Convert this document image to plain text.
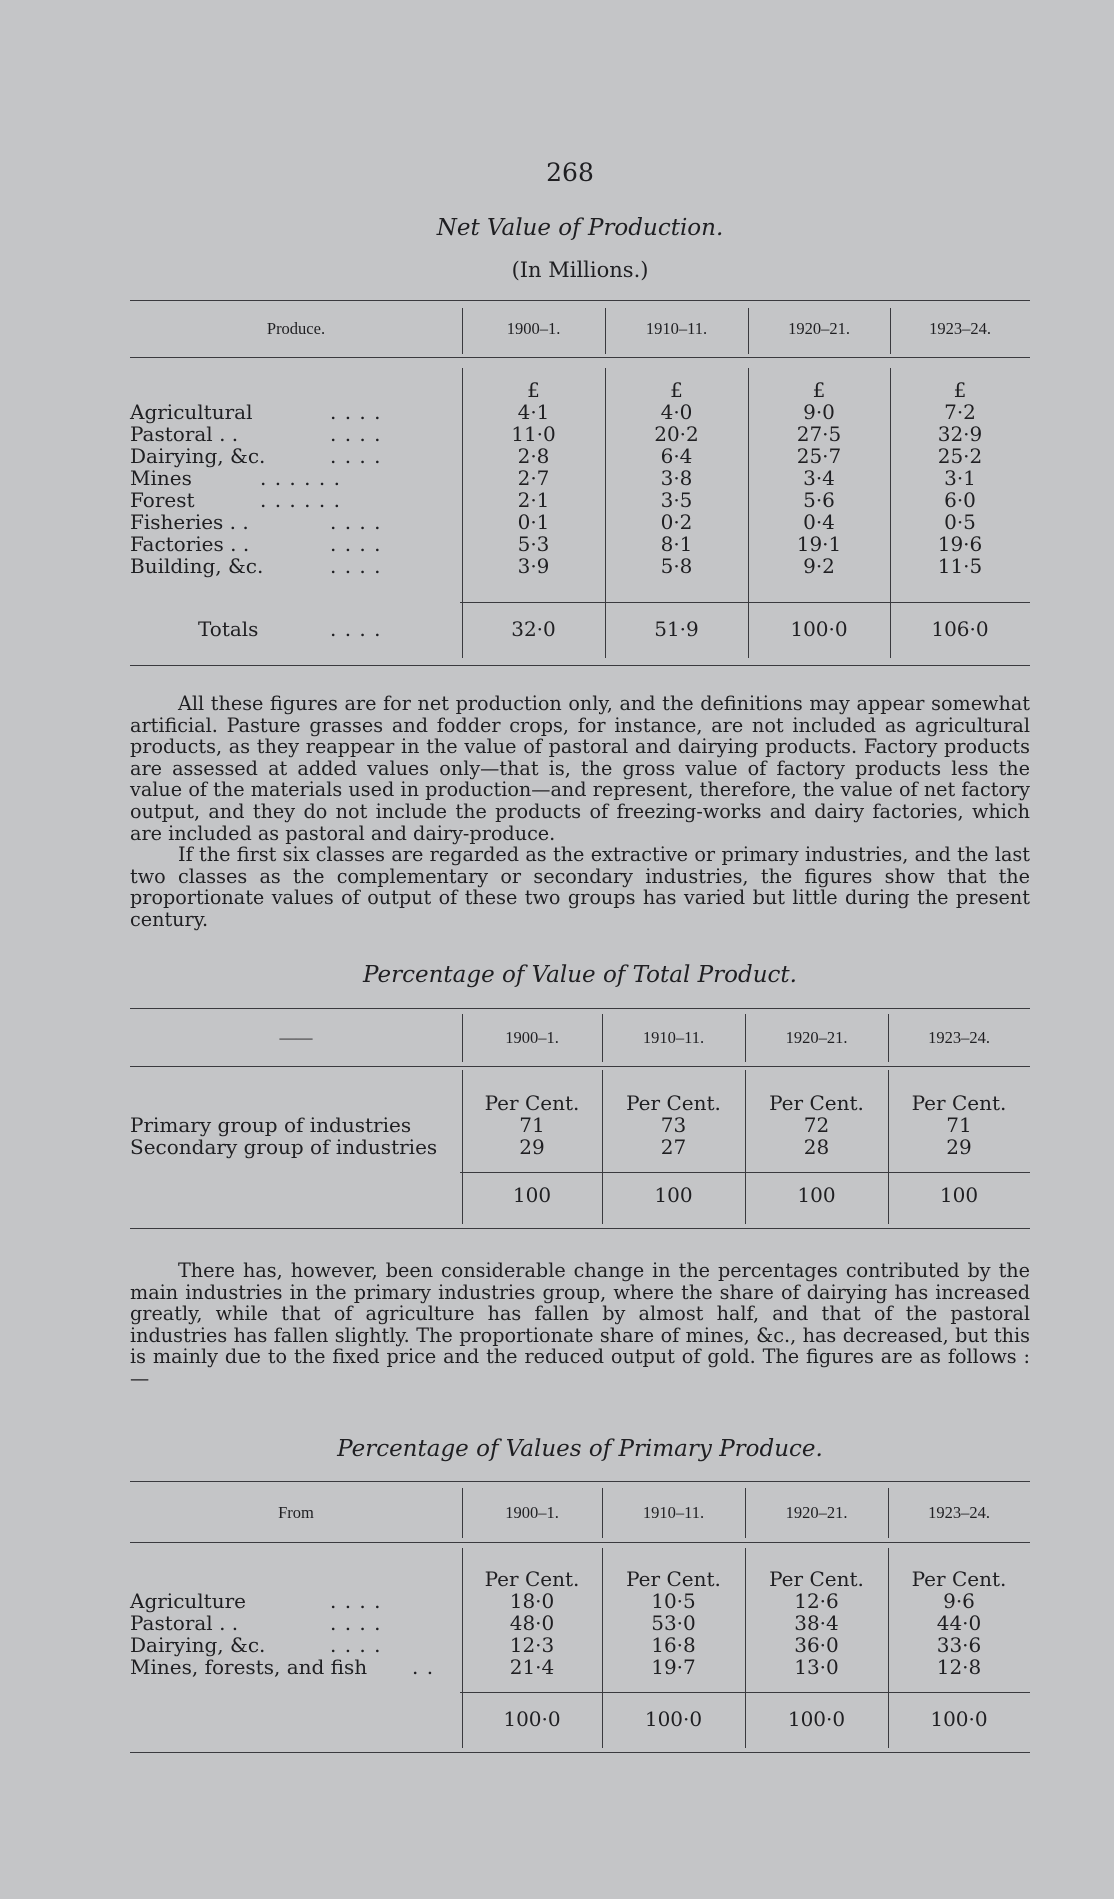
268
Net Value of Production.
(In Millions.)
Produce.	1900–1.	1910–11.	1920–21.	1923–24.
£	£	£	£
Agricultural	. . . .	4·1	4·0	9·0	7·2
Pastoral . .	. . . .	11·0	20·2	27·5	32·9
Dairying, &c.	. . . .	2·8	6·4	25·7	25·2
Mines	. . . . . .	2·7	3·8	3·4	3·1
Forest	. . . . . .	2·1	3·5	5·6	6·0
Fisheries . .	. . . .	0·1	0·2	0·4	0·5
Factories . .	. . . .	5·3	8·1	19·1	19·6
Building, &c.	. . . .	3·9	5·8	9·2	11·5
Totals	. . . .	32·0	51·9	100·0	106·0

All these figures are for net production only, and the definitions may appear somewhat artificial. Pasture grasses and fodder crops, for instance, are not included as agricultural products, as they reappear in the value of pastoral and dairying products. Factory products are assessed at added values only—that is, the gross value of factory products less the value of the materials used in production—and represent, therefore, the value of net factory output, and they do not include the products of freezing-works and dairy factories, which are included as pastoral and dairy-produce.

If the first six classes are regarded as the extractive or primary industries, and the last two classes as the complementary or secondary industries, the figures show that the proportionate values of output of these two groups has varied but little during the present century.

Percentage of Value of Total Product.
——	1900–1.	1910–11.	1920–21.	1923–24.
Per Cent.	Per Cent.	Per Cent.	Per Cent.
Primary group of industries	71	73	72	71
Secondary group of industries	29	27	28	29
100	100	100	100

There has, however, been considerable change in the percentages contributed by the main industries in the primary industries group, where the share of dairying has increased greatly, while that of agriculture has fallen by almost half, and that of the pastoral industries has fallen slightly. The proportionate share of mines, &c., has decreased, but this is mainly due to the fixed price and the reduced output of gold. The figures are as follows :—

Percentage of Values of Primary Produce.
From	1900–1.	1910–11.	1920–21.	1923–24.
Per Cent.	Per Cent.	Per Cent.	Per Cent.
Agriculture	. . . .	18·0	10·5	12·6	9·6
Pastoral . .	. . . .	48·0	53·0	38·4	44·0
Dairying, &c.	. . . .	12·3	16·8	36·0	33·6
Mines, forests, and fish . .	21·4	19·7	13·0	12·8
100·0	100·0	100·0	100·0
